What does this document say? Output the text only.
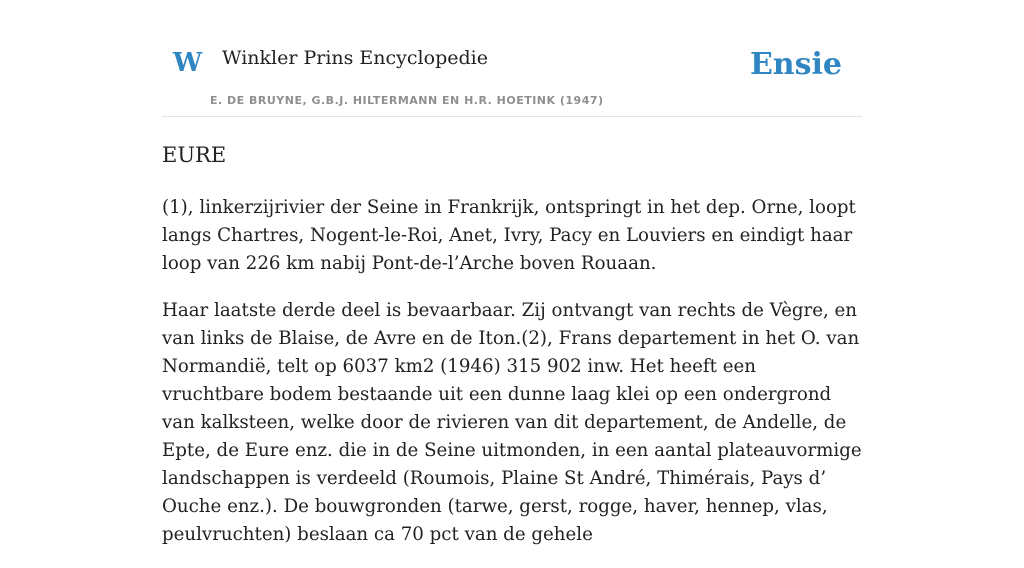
W Winkler Prins Encyclopedie
E. DE BRUYNE, G.B.J. HILTERMANN EN H.R. HOETINK (1947)
Ensie
EURE

(1), linkerzijrivier der Seine in Frankrijk, ontspringt in het dep. Orne, loopt langs Chartres, Nogent-le-Roi, Anet, Ivry, Pacy en Louviers en eindigt haar loop van 226 km nabij Pont-de-l’Arche boven Rouaan.

Haar laatste derde deel is bevaarbaar. Zij ontvangt van rechts de Vègre, en van links de Blaise, de Avre en de Iton.(2), Frans departement in het O. van Normandië, telt op 6037 km2 (1946) 315 902 inw. Het heeft een vruchtbare bodem bestaande uit een dunne laag klei op een ondergrond van kalksteen, welke door de rivieren van dit departement, de Andelle, de Epte, de Eure enz. die in de Seine uitmonden, in een aantal plateauvormige landschappen is verdeeld (Roumois, Plaine St André, Thimérais, Pays d’ Ouche enz.). De bouwgronden (tarwe, gerst, rogge, haver, hennep, vlas, peulvruchten) beslaan ca 70 pct van de gehele
